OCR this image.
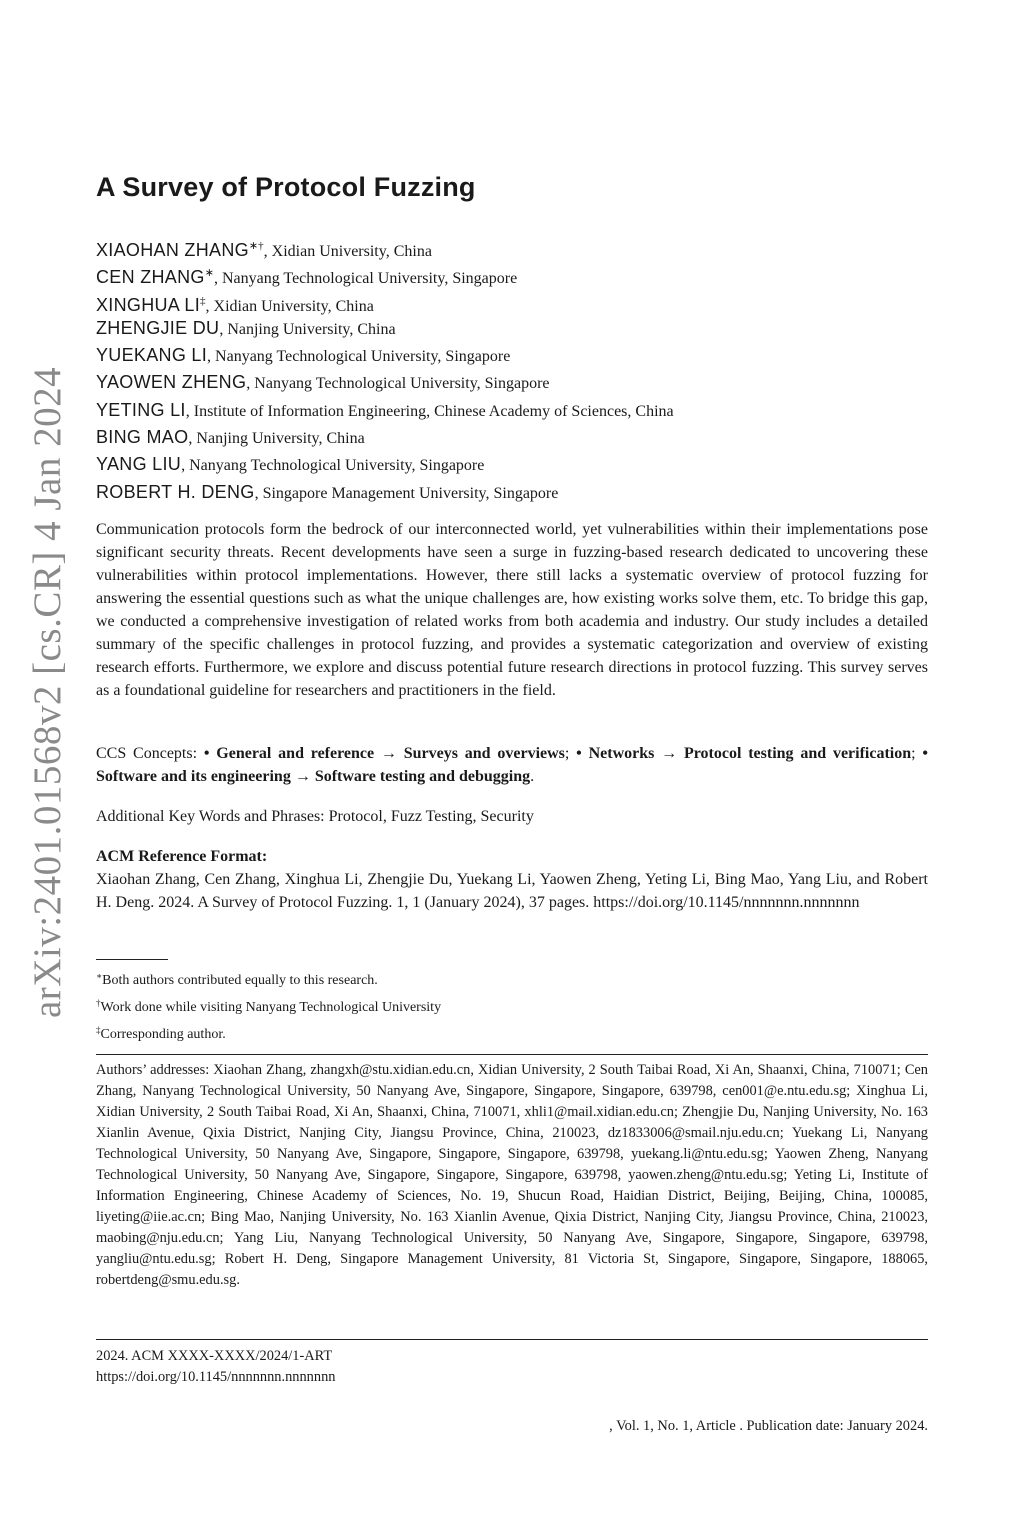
arXiv:2401.01568v2 [cs.CR] 4 Jan 2024
A Survey of Protocol Fuzzing
XIAOHAN ZHANG∗†, Xidian University, China
CEN ZHANG∗, Nanyang Technological University, Singapore
XINGHUA LI‡, Xidian University, China
ZHENGJIE DU, Nanjing University, China
YUEKANG LI, Nanyang Technological University, Singapore
YAOWEN ZHENG, Nanyang Technological University, Singapore
YETING LI, Institute of Information Engineering, Chinese Academy of Sciences, China
BING MAO, Nanjing University, China
YANG LIU, Nanyang Technological University, Singapore
ROBERT H. DENG, Singapore Management University, Singapore

Communication protocols form the bedrock of our interconnected world, yet vulnerabilities within their implementations pose significant security threats. Recent developments have seen a surge in fuzzing-based research dedicated to uncovering these vulnerabilities within protocol implementations. However, there still lacks a systematic overview of protocol fuzzing for answering the essential questions such as what the unique challenges are, how existing works solve them, etc. To bridge this gap, we conducted a comprehensive investigation of related works from both academia and industry. Our study includes a detailed summary of the specific challenges in protocol fuzzing, and provides a systematic categorization and overview of existing research efforts. Furthermore, we explore and discuss potential future research directions in protocol fuzzing. This survey serves as a foundational guideline for researchers and practitioners in the field.

CCS Concepts: • General and reference → Surveys and overviews; • Networks → Protocol testing and verification; • Software and its engineering → Software testing and debugging.

Additional Key Words and Phrases: Protocol, Fuzz Testing, Security

ACM Reference Format:
Xiaohan Zhang, Cen Zhang, Xinghua Li, Zhengjie Du, Yuekang Li, Yaowen Zheng, Yeting Li, Bing Mao, Yang Liu, and Robert H. Deng. 2024. A Survey of Protocol Fuzzing. 1, 1 (January 2024), 37 pages. https://doi.org/10.1145/nnnnnnn.nnnnnnn

∗Both authors contributed equally to this research.
†Work done while visiting Nanyang Technological University
‡Corresponding author.

Authors’ addresses: Xiaohan Zhang, zhangxh@stu.xidian.edu.cn, Xidian University, 2 South Taibai Road, Xi An, Shaanxi, China, 710071; Cen Zhang, Nanyang Technological University, 50 Nanyang Ave, Singapore, Singapore, Singapore, 639798, cen001@e.ntu.edu.sg; Xinghua Li, Xidian University, 2 South Taibai Road, Xi An, Shaanxi, China, 710071, xhli1@mail.xidian.edu.cn; Zhengjie Du, Nanjing University, No. 163 Xianlin Avenue, Qixia District, Nanjing City, Jiangsu Province, China, 210023, dz1833006@smail.nju.edu.cn; Yuekang Li, Nanyang Technological University, 50 Nanyang Ave, Singapore, Singapore, Singapore, 639798, yuekang.li@ntu.edu.sg; Yaowen Zheng, Nanyang Technological University, 50 Nanyang Ave, Singapore, Singapore, Singapore, 639798, yaowen.zheng@ntu.edu.sg; Yeting Li, Institute of Information Engineering, Chinese Academy of Sciences, No. 19, Shucun Road, Haidian District, Beijing, Beijing, China, 100085, liyeting@iie.ac.cn; Bing Mao, Nanjing University, No. 163 Xianlin Avenue, Qixia District, Nanjing City, Jiangsu Province, China, 210023, maobing@nju.edu.cn; Yang Liu, Nanyang Technological University, 50 Nanyang Ave, Singapore, Singapore, Singapore, 639798, yangliu@ntu.edu.sg; Robert H. Deng, Singapore Management University, 81 Victoria St, Singapore, Singapore, Singapore, 188065, robertdeng@smu.edu.sg.

2024. ACM XXXX-XXXX/2024/1-ART
https://doi.org/10.1145/nnnnnnn.nnnnnnn
, Vol. 1, No. 1, Article . Publication date: January 2024.
